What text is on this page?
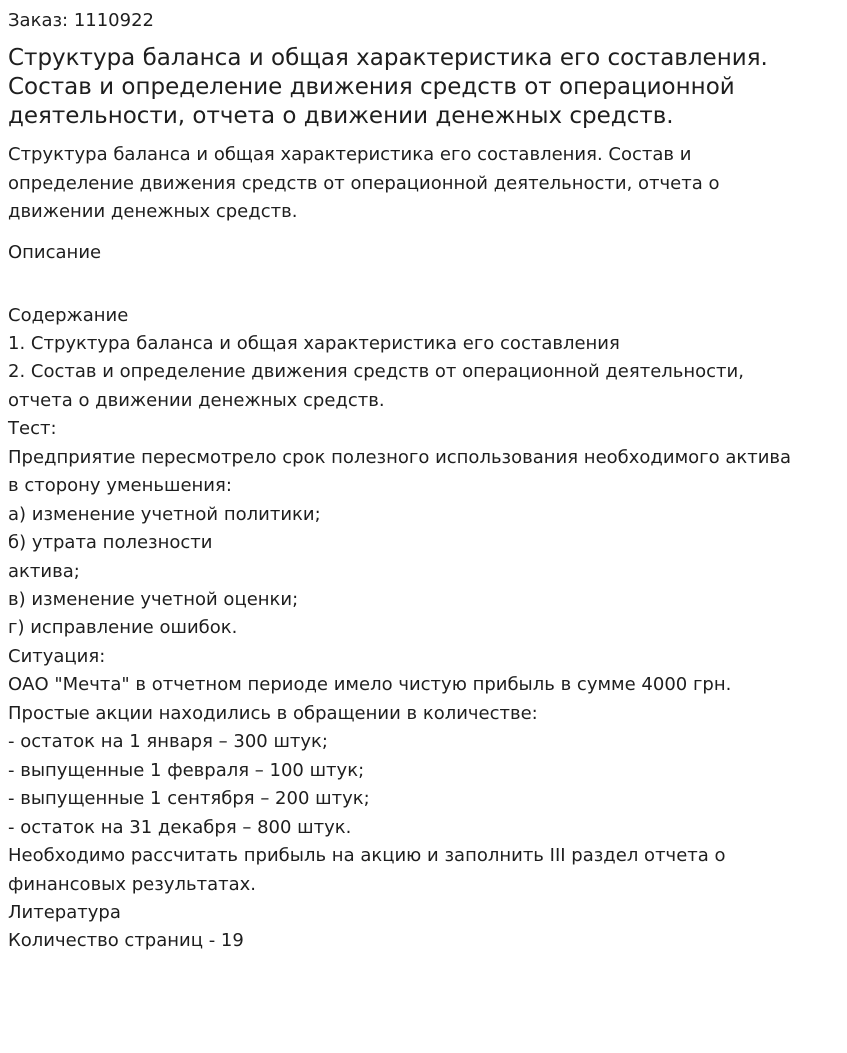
Заказ: 1110922
Структура баланса и общая характеристика его составления.
Состав и определение движения средств от операционной
деятельности, отчета о движении денежных средств.
Структура баланса и общая характеристика его составления. Состав и
определение движения средств от операционной деятельности, отчета о
движении денежных средств.
Описание
Содержание
1. Структура баланса и общая характеристика его составления
2. Состав и определение движения средств от операционной деятельности,
отчета о движении денежных средств.
Тест:
Предприятие пересмотрело срок полезного использования необходимого актива
в сторону уменьшения:
а) изменение учетной политики;
б) утрата полезности
актива;
в) изменение учетной оценки;
г) исправление ошибок.
Ситуация:
ОАО "Мечта" в отчетном периоде имело чистую прибыль в сумме 4000 грн.
Простые акции находились в обращении в количестве:
- остаток на 1 января – 300 штук;
- выпущенные 1 февраля – 100 штук;
- выпущенные 1 сентября – 200 штук;
- остаток на 31 декабря – 800 штук.
Необходимо рассчитать прибыль на акцию и заполнить III раздел отчета о
финансовых результатах.
Литература
Количество страниц - 19
